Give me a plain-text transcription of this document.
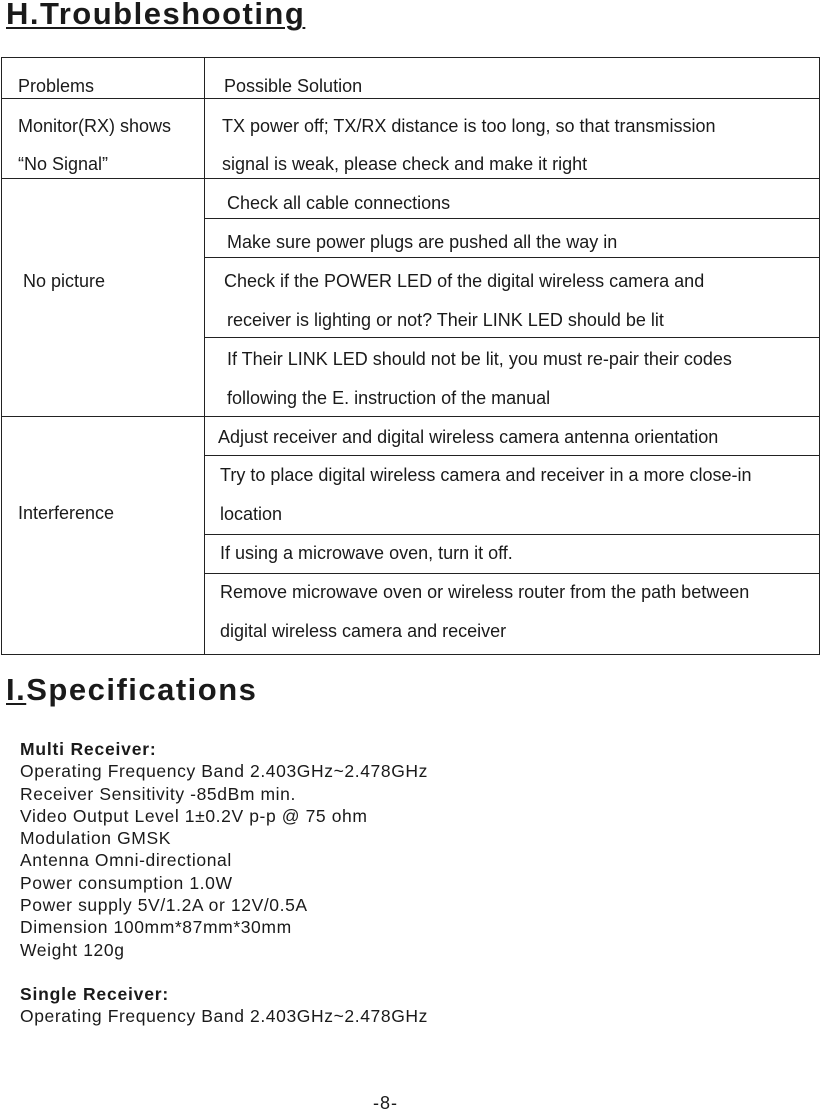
H.Troubleshooting
Problems	Possible Solution
Monitor(RX) shows
“No Signal”
TX power off; TX/RX distance is too long, so that transmission
signal is weak, please check and make it right
No picture
Check all cable connections
Make sure power plugs are pushed all the way in
Check if the POWER LED of the digital wireless camera and
receiver is lighting or not? Their LINK LED should be lit
If Their LINK LED should not be lit, you must re-pair their codes
following the E. instruction of the manual
Interference
Adjust receiver and digital wireless camera antenna orientation
Try to place digital wireless camera and receiver in a more close-in
location
If using a microwave oven, turn it off.
Remove microwave oven or wireless router from the path between
digital wireless camera and receiver
I.Specifications
Multi Receiver:
Operating Frequency Band 2.403GHz~2.478GHz
Receiver Sensitivity -85dBm min.
Video Output Level 1±0.2V p-p @ 75 ohm
Modulation GMSK
Antenna Omni-directional
Power consumption 1.0W
Power supply 5V/1.2A or 12V/0.5A
Dimension 100mm*87mm*30mm
Weight 120g
Single Receiver:
Operating Frequency Band 2.403GHz~2.478GHz
-8-
